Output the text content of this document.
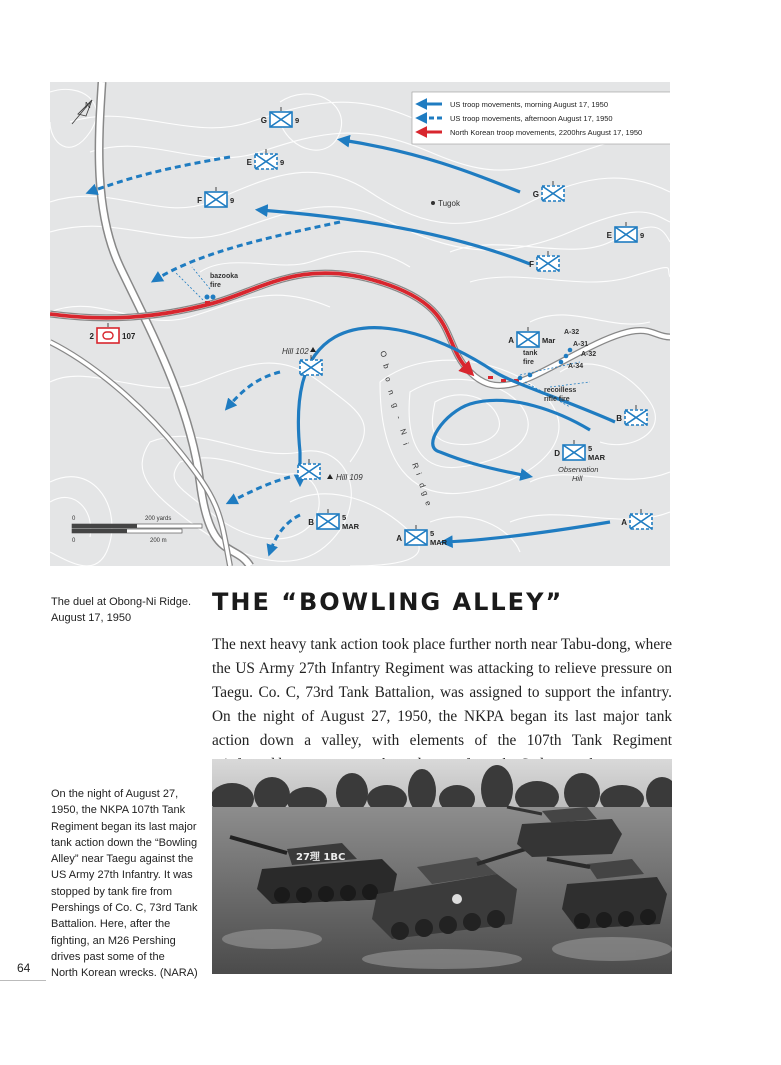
N
G	9
E	9
F	9
G
E	9
F
A	Mar
B
D
5
MAR
B
5
MAR
A
5
MAR
A
2	107
Tugok
Hill 102
Hill 109
bazooka
fire
tank
fire
recoilless
rifle fire
A-32
A-31
A-32
A-34
Observation
Hill
O
b
o
n
g
-
N
i
R
i
d
g
e
0	200 yards
0	200 m
US troop movements, morning August 17, 1950
US troop movements, afternoon August 17, 1950
North Korean troop movements, 2200hrs August 17, 1950
The duel at Obong-Ni Ridge.
August 17, 1950
THE “BOWLING ALLEY”

The next heavy tank action took place further north near Tabu-dong, where the US Army 27th Infantry Regiment was attacking to relieve pressure on Taegu. Co. C, 73rd Tank Battalion, was assigned to support the infantry. On the night of August 27, 1950, the NKPA began its last major tank action down a valley, with elements of the 107th Tank Regiment

On the night of August 27,
1950, the NKPA 107th Tank
Regiment began its last major
tank action down the “Bowling
Alley” near Taegu against the
US Army 27th Infantry. It was
stopped by tank fire from
Pershings of Co. C, 73rd Tank
Battalion. Here, after the
fighting, an M26 Pershing
drives past some of the
North Korean wrecks. (NARA)
27理 1BC
64
